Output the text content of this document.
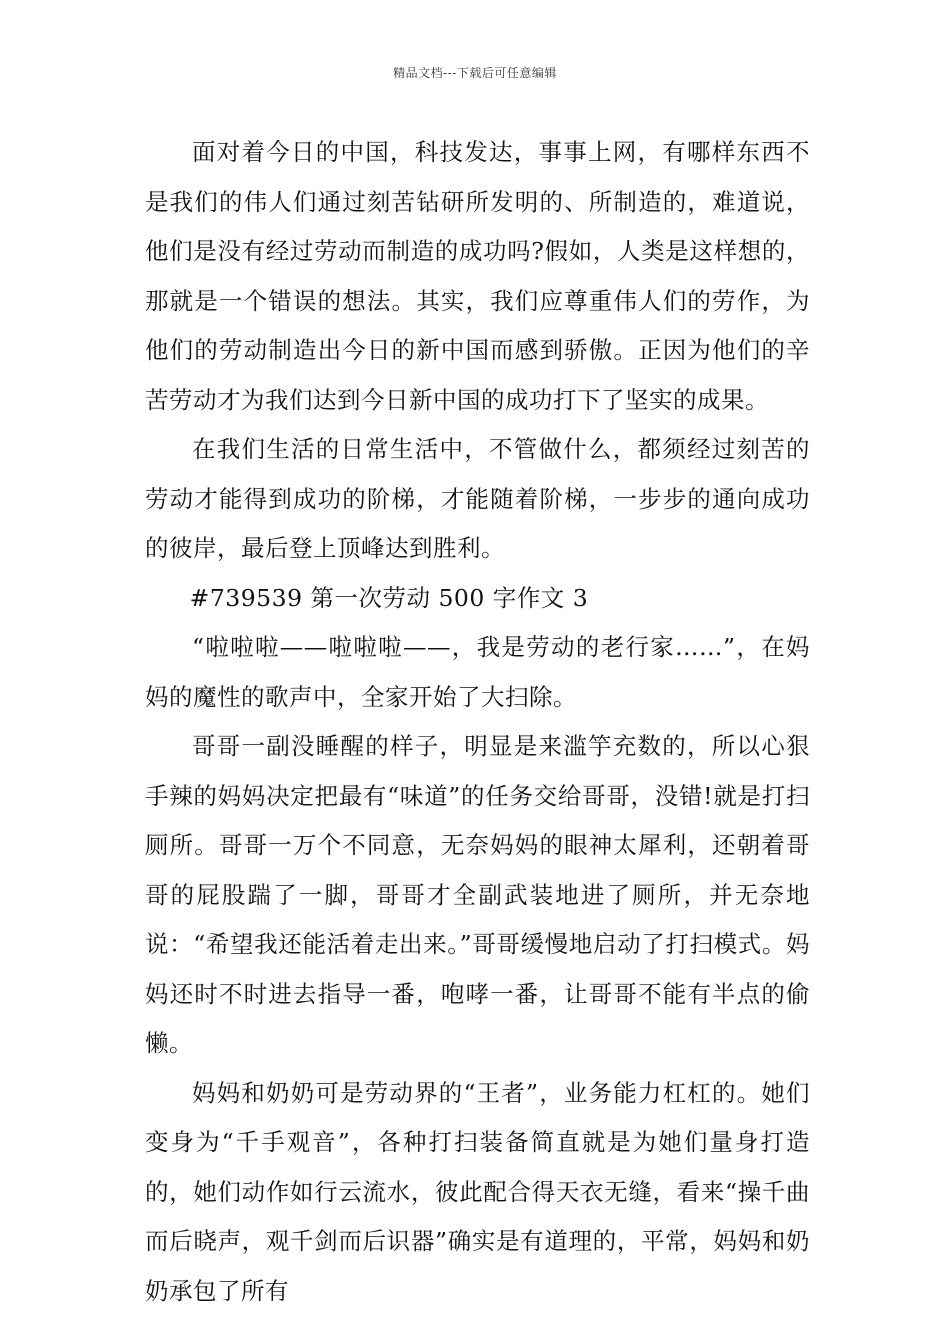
精品文档---下载后可任意编辑

面对着今日的中国，科技发达，事事上网，有哪样东西不是我们的伟人们通过刻苦钻研所发明的、所制造的，难道说，他们是没有经过劳动而制造的成功吗?假如，人类是这样想的，那就是一个错误的想法。其实，我们应尊重伟人们的劳作，为他们的劳动制造出今日的新中国而感到骄傲。正因为他们的辛苦劳动才为我们达到今日新中国的成功打下了坚实的成果。

在我们生活的日常生活中，不管做什么，都须经过刻苦的劳动才能得到成功的阶梯，才能随着阶梯，一步步的通向成功的彼岸，最后登上顶峰达到胜利。

#739539 第一次劳动 500 字作文 3

“啦啦啦——啦啦啦——，我是劳动的老行家……”，在妈妈的魔性的歌声中，全家开始了大扫除。

哥哥一副没睡醒的样子，明显是来滥竽充数的，所以心狠手辣的妈妈决定把最有“味道”的任务交给哥哥，没错!就是打扫厕所。哥哥一万个不同意，无奈妈妈的眼神太犀利，还朝着哥哥的屁股踹了一脚，哥哥才全副武装地进了厕所，并无奈地说：“希望我还能活着走出来。”哥哥缓慢地启动了打扫模式。妈妈还时不时进去指导一番，咆哮一番，让哥哥不能有半点的偷懒。

妈妈和奶奶可是劳动界的“王者”，业务能力杠杠的。她们变身为“千手观音”，各种打扫装备简直就是为她们量身打造的，她们动作如行云流水，彼此配合得天衣无缝，看来“操千曲而后晓声，观千剑而后识器”确实是有道理的，平常，妈妈和奶奶承包了所有
